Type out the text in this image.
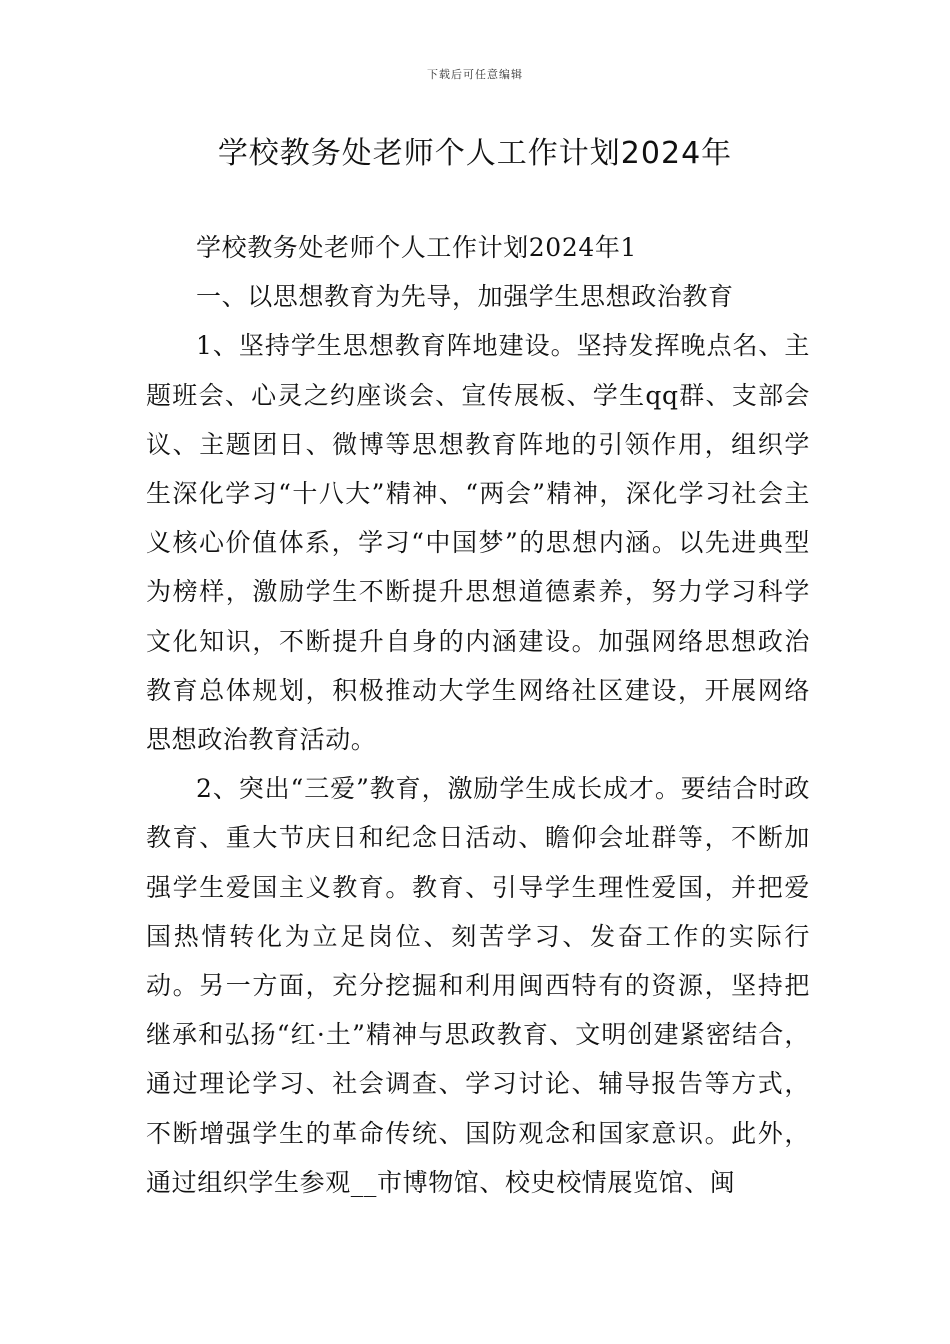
下载后可任意编辑
学校教务处老师个人工作计划2024年

学校教务处老师个人工作计划2024年1

一、以思想教育为先导，加强学生思想政治教育

1、坚持学生思想教育阵地建设。坚持发挥晚点名、主题班会、心灵之约座谈会、宣传展板、学生qq群、支部会议、主题团日、微博等思想教育阵地的引领作用，组织学生深化学习“十八大”精神、“两会”精神，深化学习社会主义核心价值体系，学习“中国梦”的思想内涵。以先进典型为榜样，激励学生不断提升思想道德素养，努力学习科学文化知识，不断提升自身的内涵建设。加强网络思想政治教育总体规划，积极推动大学生网络社区建设，开展网络思想政治教育活动。

2、突出“三爱”教育，激励学生成长成才。要结合时政教育、重大节庆日和纪念日活动、瞻仰会址群等，不断加强学生爱国主义教育。教育、引导学生理性爱国，并把爱国热情转化为立足岗位、刻苦学习、发奋工作的实际行动。另一方面，充分挖掘和利用闽西特有的资源，坚持把继承和弘扬“红·土”精神与思政教育、文明创建紧密结合，通过理论学习、社会调查、学习讨论、辅导报告等方式，不断增强学生的革命传统、国防观念和国家意识。此外，通过组织学生参观__市博物馆、校史校情展览馆、闽
